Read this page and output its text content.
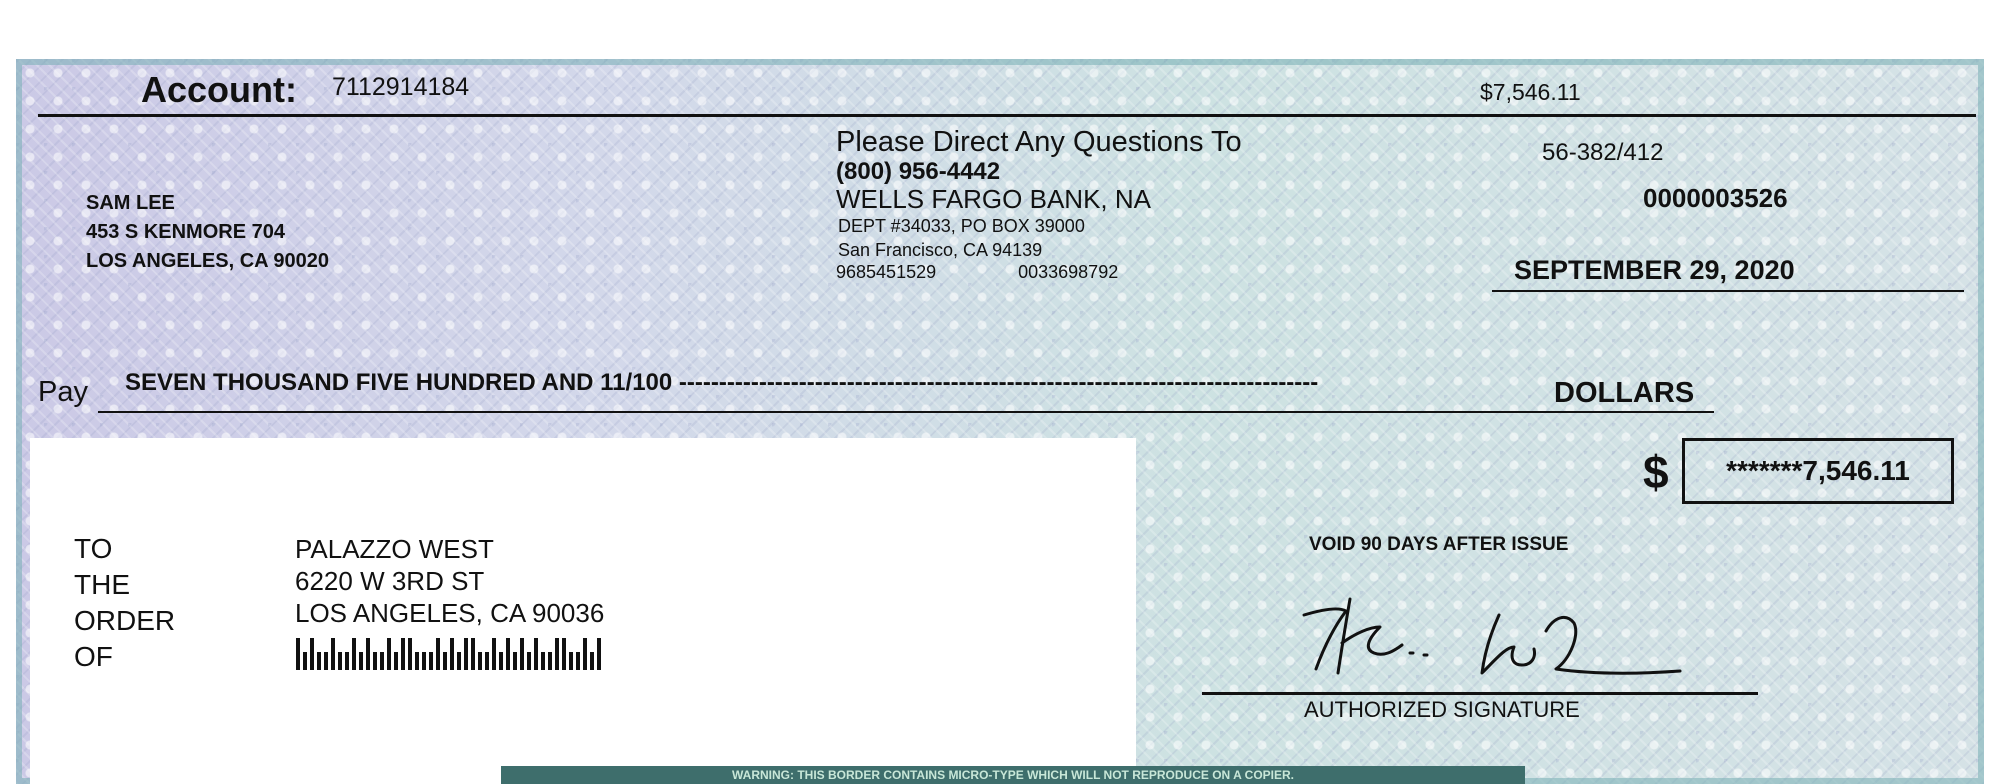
Account: 7112914184	$7,546.11
SAM LEE
453 S KENMORE 704
LOS ANGELES, CA 90020
Please Direct Any Questions To
(800) 956-4442
WELLS FARGO BANK, NA
DEPT #34033, PO BOX 39000
San Francisco, CA 94139
9685451529	0033698792
56-382/412
0000003526
SEPTEMBER 29, 2020
Pay SEVEN THOUSAND FIVE HUNDRED AND 11/100 --------------------------------------------------------------------------------	DOLLARS
$ *******7,546.11
TO
THE
ORDER
OF
PALAZZO WEST
6220 W 3RD ST
LOS ANGELES, CA 90036
VOID 90 DAYS AFTER ISSUE
AUTHORIZED SIGNATURE
WARNING: THIS BORDER CONTAINS MICRO-TYPE WHICH WILL NOT REPRODUCE ON A COPIER.
